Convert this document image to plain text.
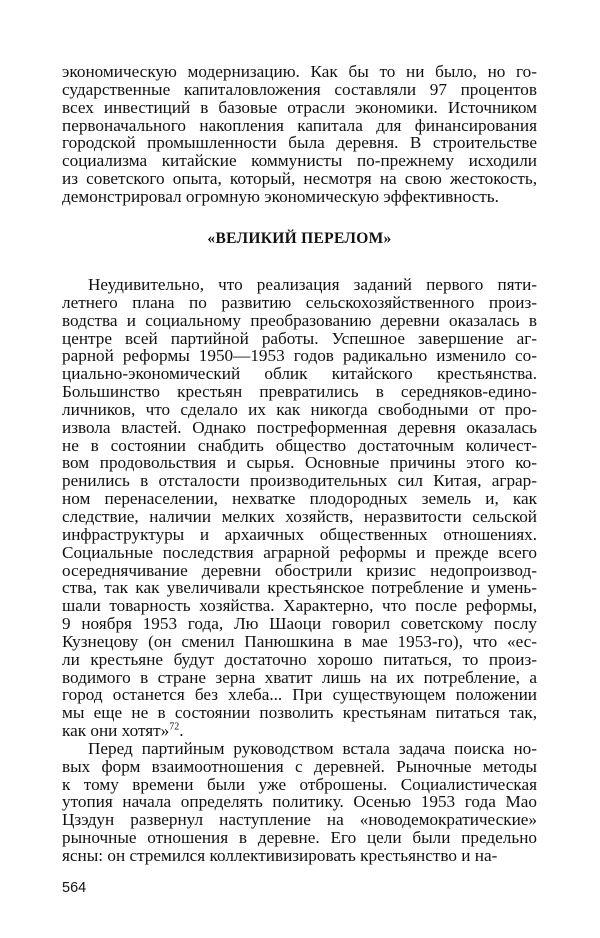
экономическую модернизацию. Как бы то ни было, но го-
сударственные капиталовложения составляли 97 процентов
всех инвестиций в базовые отрасли экономики. Источником
первоначального накопления капитала для финансирования
городской промышленности была деревня. В строительстве
социализма китайские коммунисты по-прежнему исходили
из советского опыта, который, несмотря на свою жестокость,
демонстрировал огромную экономическую эффективность.
«ВЕЛИКИЙ ПЕРЕЛОМ»
Неудивительно, что реализация заданий первого пяти-
летнего плана по развитию сельскохозяйственного произ-
водства и социальному преобразованию деревни оказалась в
центре всей партийной работы. Успешное завершение аг-
рарной реформы 1950—1953 годов радикально изменило со-
циально-экономический облик китайского крестьянства.
Большинство крестьян превратились в середняков-едино-
личников, что сделало их как никогда свободными от про-
извола властей. Однако постреформенная деревня оказалась
не в состоянии снабдить общество достаточным количест-
вом продовольствия и сырья. Основные причины этого ко-
ренились в отсталости производительных сил Китая, аграр-
ном перенаселении, нехватке плодородных земель и, как
следствие, наличии мелких хозяйств, неразвитости сельской
инфраструктуры и архаичных общественных отношениях.
Социальные последствия аграрной реформы и прежде всего
осереднячивание деревни обострили кризис недопроизвод-
ства, так как увеличивали крестьянское потребление и умень-
шали товарность хозяйства. Характерно, что после реформы,
9 ноября 1953 года, Лю Шаоци говорил советскому послу
Кузнецову (он сменил Панюшкина в мае 1953-го), что «ес-
ли крестьяне будут достаточно хорошо питаться, то произ-
водимого в стране зерна хватит лишь на их потребление, а
город останется без хлеба... При существующем положении
мы еще не в состоянии позволить крестьянам питаться так,
как они хотят»$^{72}$.
Перед партийным руководством встала задача поиска но-
вых форм взаимоотношения с деревней. Рыночные методы
к тому времени были уже отброшены. Социалистическая
утопия начала определять политику. Осенью 1953 года Мао
Цзэдун развернул наступление на «новодемократические»
рыночные отношения в деревне. Его цели были предельно
ясны: он стремился коллективизировать крестьянство и на-
564
